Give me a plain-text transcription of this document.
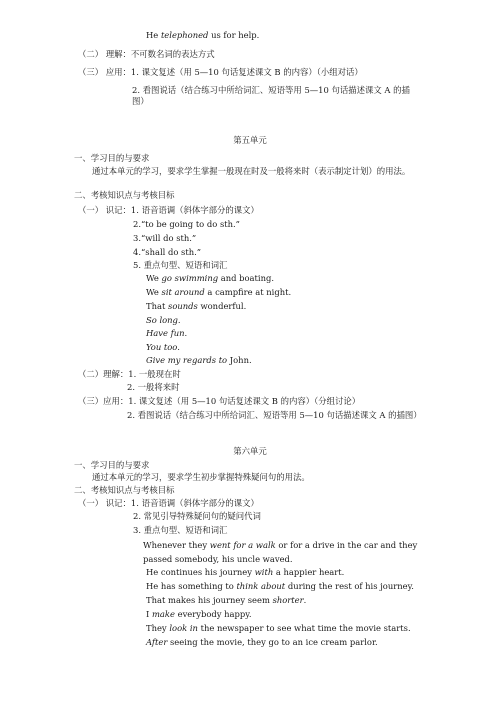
He telephoned us for help.
（二） 理解：不可数名词的表达方式
（三） 应用：1. 课文复述（用 5—10 句话复述课文 B 的内容）（小组对话）
2. 看图说话（结合练习中所给词汇、短语等用 5—10 句话描述课文 A 的插图）
第五单元
一、学习目的与要求
通过本单元的学习，要求学生掌握一般现在时及一般将来时（表示制定计划）的用法。
二、考核知识点与考核目标
（一） 识记：1. 语音语调（斜体字部分的课文）
2.“to be going to do sth.”
3.“will do sth.”
4.“shall do sth.”
5. 重点句型、短语和词汇
We go swimming and boating.
We sit around a campfire at night.
That sounds wonderful.
So long.
Have fun.
You too.
Give my regards to John.
（二）理解：1. 一般现在时
2. 一般将来时
（三）应用：1. 课文复述（用 5—10 句话复述课文 B 的内容）（分组讨论）
2. 看图说话（结合练习中所给词汇、短语等用 5—10 句话描述课文 A 的插图）
第六单元
一、学习目的与要求
通过本单元的学习，要求学生初步掌握特殊疑问句的用法。
二、考核知识点与考核目标
（一） 识记：1. 语音语调（斜体字部分的课文）
2. 常见引导特殊疑问句的疑问代词
3. 重点句型、短语和词汇
Whenever they went for a walk or for a drive in the car and they passed somebody, his uncle waved.
He continues his journey with a happier heart.
He has something to think about during the rest of his journey.
That makes his journey seem shorter.
I make everybody happy.
They look in the newspaper to see what time the movie starts.
After seeing the movie, they go to an ice cream parlor.
